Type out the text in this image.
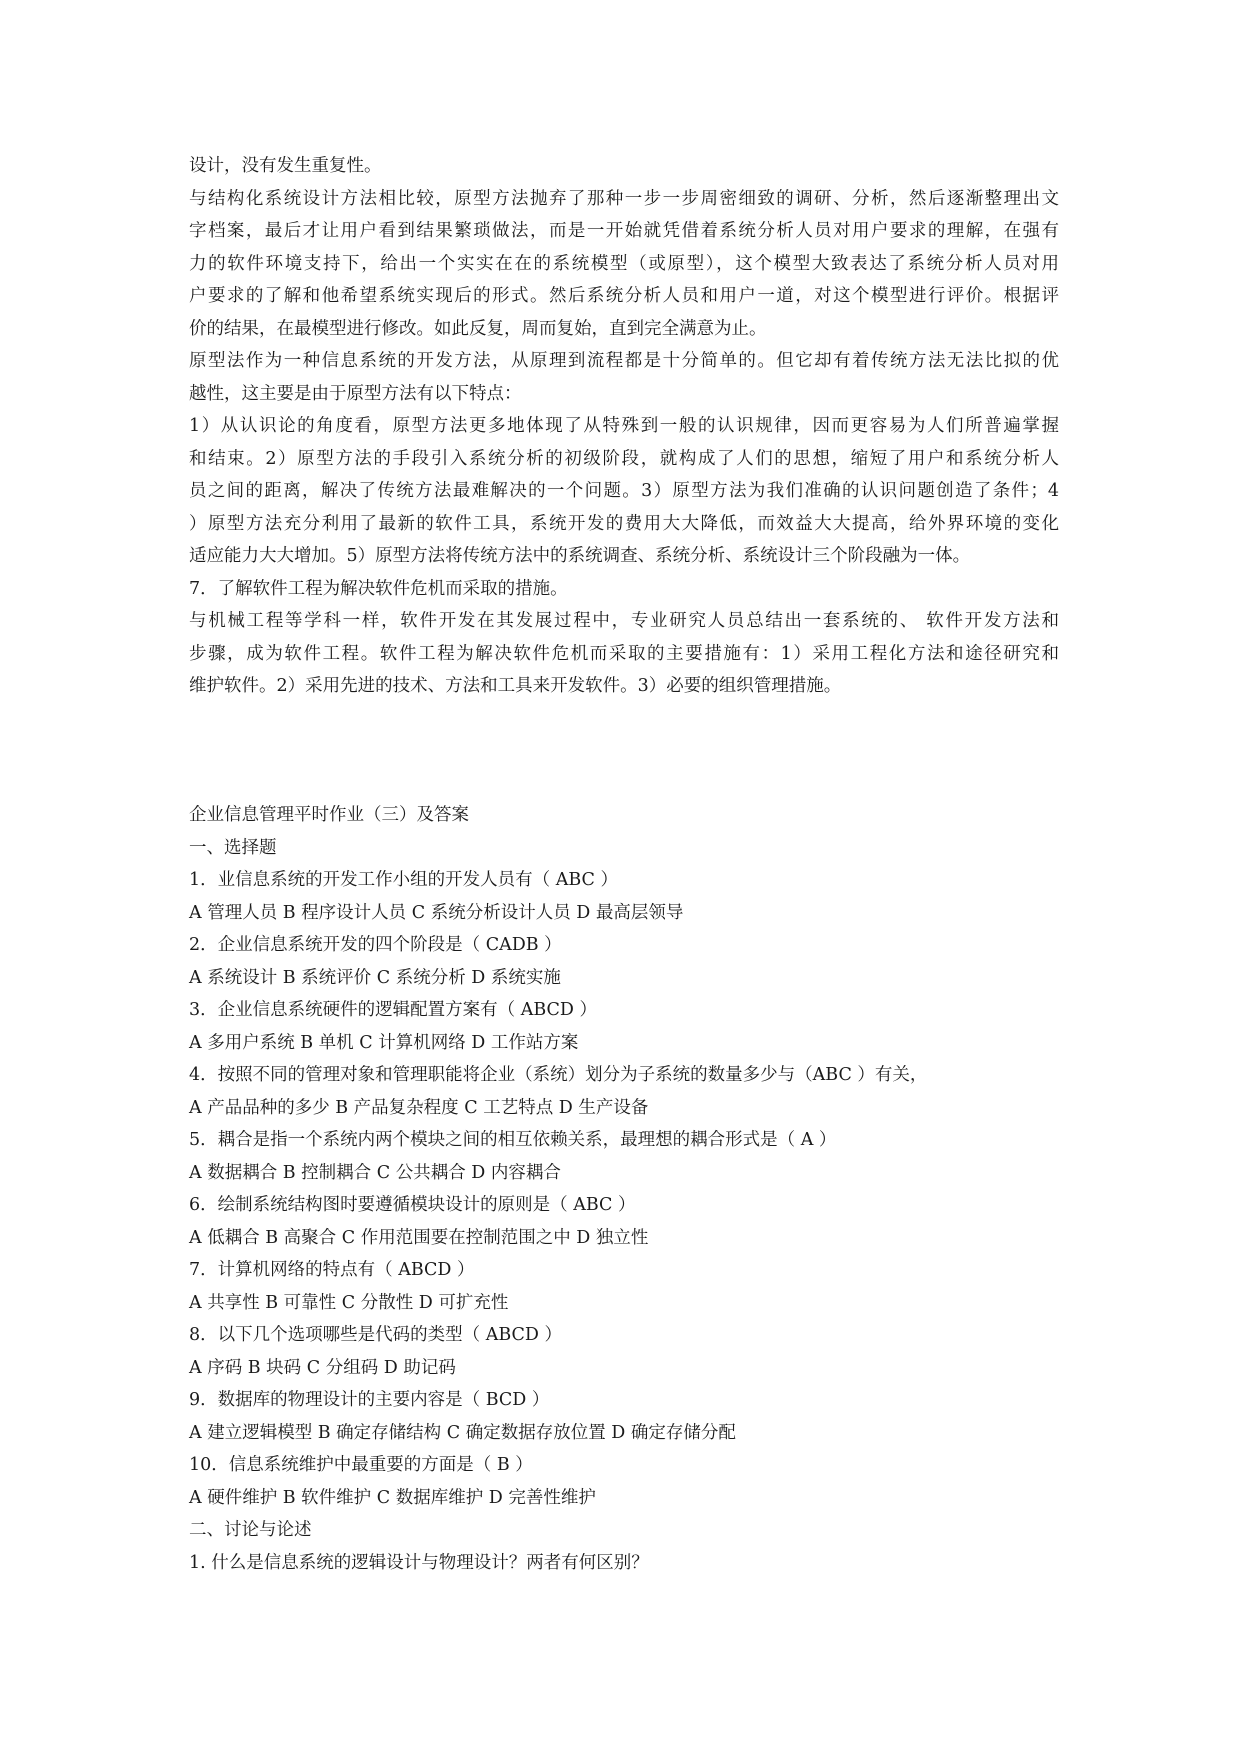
设计，没有发生重复性。
与结构化系统设计方法相比较，原型方法抛弃了那种一步一步周密细致的调研、分析，然后逐渐整理出文
字档案，最后才让用户看到结果繁琐做法，而是一开始就凭借着系统分析人员对用户要求的理解，在强有
力的软件环境支持下，给出一个实实在在的系统模型（或原型），这个模型大致表达了系统分析人员对用
户要求的了解和他希望系统实现后的形式。然后系统分析人员和用户一道，对这个模型进行评价。根据评
价的结果，在最模型进行修改。如此反复，周而复始，直到完全满意为止。
原型法作为一种信息系统的开发方法，从原理到流程都是十分简单的。但它却有着传统方法无法比拟的优
越性，这主要是由于原型方法有以下特点：
1）从认识论的角度看，原型方法更多地体现了从特殊到一般的认识规律，因而更容易为人们所普遍掌握
和结束。2）原型方法的手段引入系统分析的初级阶段，就构成了人们的思想，缩短了用户和系统分析人
员之间的距离，解决了传统方法最难解决的一个问题。3）原型方法为我们准确的认识问题创造了条件；4
）原型方法充分利用了最新的软件工具，系统开发的费用大大降低，而效益大大提高，给外界环境的变化
适应能力大大增加。5）原型方法将传统方法中的系统调查、系统分析、系统设计三个阶段融为一体。
7．了解软件工程为解决软件危机而采取的措施。
与机械工程等学科一样，软件开发在其发展过程中，专业研究人员总结出一套系统的、 软件开发方法和
步骤，成为软件工程。软件工程为解决软件危机而采取的主要措施有：1）采用工程化方法和途径研究和
维护软件。2）采用先进的技术、方法和工具来开发软件。3）必要的组织管理措施。
企业信息管理平时作业（三）及答案
一、选择题
1．业信息系统的开发工作小组的开发人员有（ ABC ）
A 管理人员 B 程序设计人员 C 系统分析设计人员 D 最高层领导
2．企业信息系统开发的四个阶段是（ CADB ）
A 系统设计 B 系统评价 C 系统分析 D 系统实施
3．企业信息系统硬件的逻辑配置方案有（ ABCD ）
A 多用户系统 B 单机 C 计算机网络 D 工作站方案
4．按照不同的管理对象和管理职能将企业（系统）划分为子系统的数量多少与（ABC ）有关，
A 产品品种的多少 B 产品复杂程度 C 工艺特点 D 生产设备
5．耦合是指一个系统内两个模块之间的相互依赖关系，最理想的耦合形式是（ A ）
A 数据耦合 B 控制耦合 C 公共耦合 D 内容耦合
6．绘制系统结构图时要遵循模块设计的原则是（ ABC ）
A 低耦合 B 高聚合 C 作用范围要在控制范围之中 D 独立性
7．计算机网络的特点有（ ABCD ）
A 共享性 B 可靠性 C 分散性 D 可扩充性
8．以下几个选项哪些是代码的类型（ ABCD ）
A 序码 B 块码 C 分组码 D 助记码
9．数据库的物理设计的主要内容是（ BCD ）
A 建立逻辑模型 B 确定存储结构 C 确定数据存放位置 D 确定存储分配
10．信息系统维护中最重要的方面是（ B ）
A 硬件维护 B 软件维护 C 数据库维护 D 完善性维护
二、讨论与论述
1. 什么是信息系统的逻辑设计与物理设计？两者有何区别？
